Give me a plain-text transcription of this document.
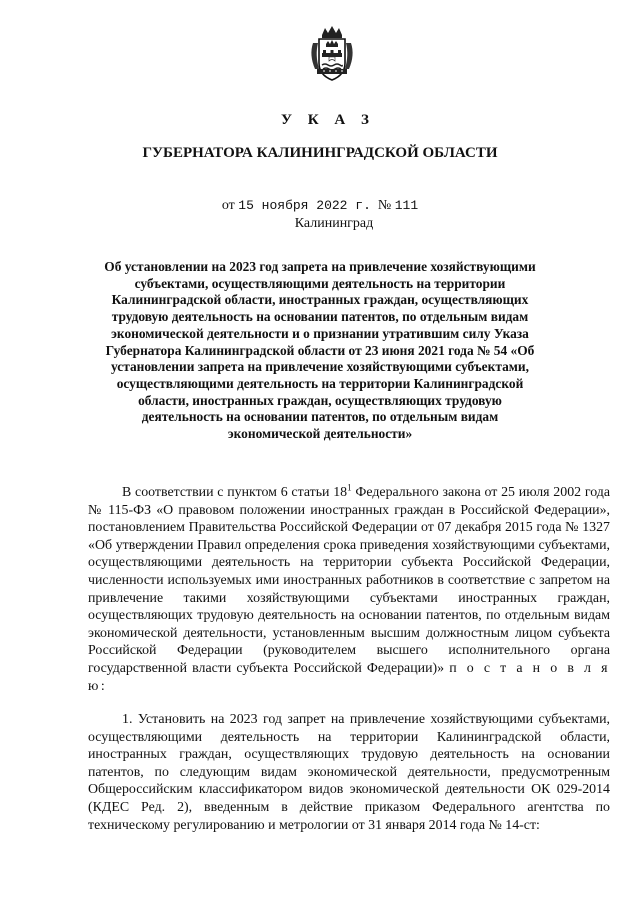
У К А З
ГУБЕРНАТОРА КАЛИНИНГРАДСКОЙ ОБЛАСТИ
от 15 ноября 2022 г. № 111
Калининград
Об установлении на 2023 год запрета на привлечение хозяйствующими субъектами, осуществляющими деятельность на территории Калининградской области, иностранных граждан, осуществляющих трудовую деятельность на основании патентов, по отдельным видам экономической деятельности и о признании утратившим силу Указа Губернатора Калининградской области от 23 июня 2021 года № 54 «Об установлении запрета на привлечение хозяйствующими субъектами, осуществляющими деятельность на территории Калининградской области, иностранных граждан, осуществляющих трудовую деятельность на основании патентов, по отдельным видам экономической деятельности»
В соответствии с пунктом 6 статьи $18^1$ Федерального закона от 25 июля 2002 года № 115-ФЗ «О правовом положении иностранных граждан в Российской Федерации», постановлением Правительства Российской Федерации от 07 декабря 2015 года № 1327 «Об утверждении Правил определения срока приведения хозяйствующими субъектами, осуществляющими деятельность на территории субъекта Российской Федерации, численности используемых ими иностранных работников в соответствие с запретом на привлечение такими хозяйствующими субъектами иностранных граждан, осуществляющих трудовую деятельность на основании патентов, по отдельным видам экономической деятельности, установленным высшим должностным лицом субъекта Российской Федерации (руководителем высшего исполнительного органа государственной власти субъекта Российской Федерации)» п о с т а н о в л я ю:
1. Установить на 2023 год запрет на привлечение хозяйствующими субъектами, осуществляющими деятельность на территории Калининградской области, иностранных граждан, осуществляющих трудовую деятельность на основании патентов, по следующим видам экономической деятельности, предусмотренным Общероссийским классификатором видов экономической деятельности ОК 029-2014 (КДЕС Ред. 2), введенным в действие приказом Федерального агентства по техническому регулированию и метрологии от 31 января 2014 года № 14-ст:
